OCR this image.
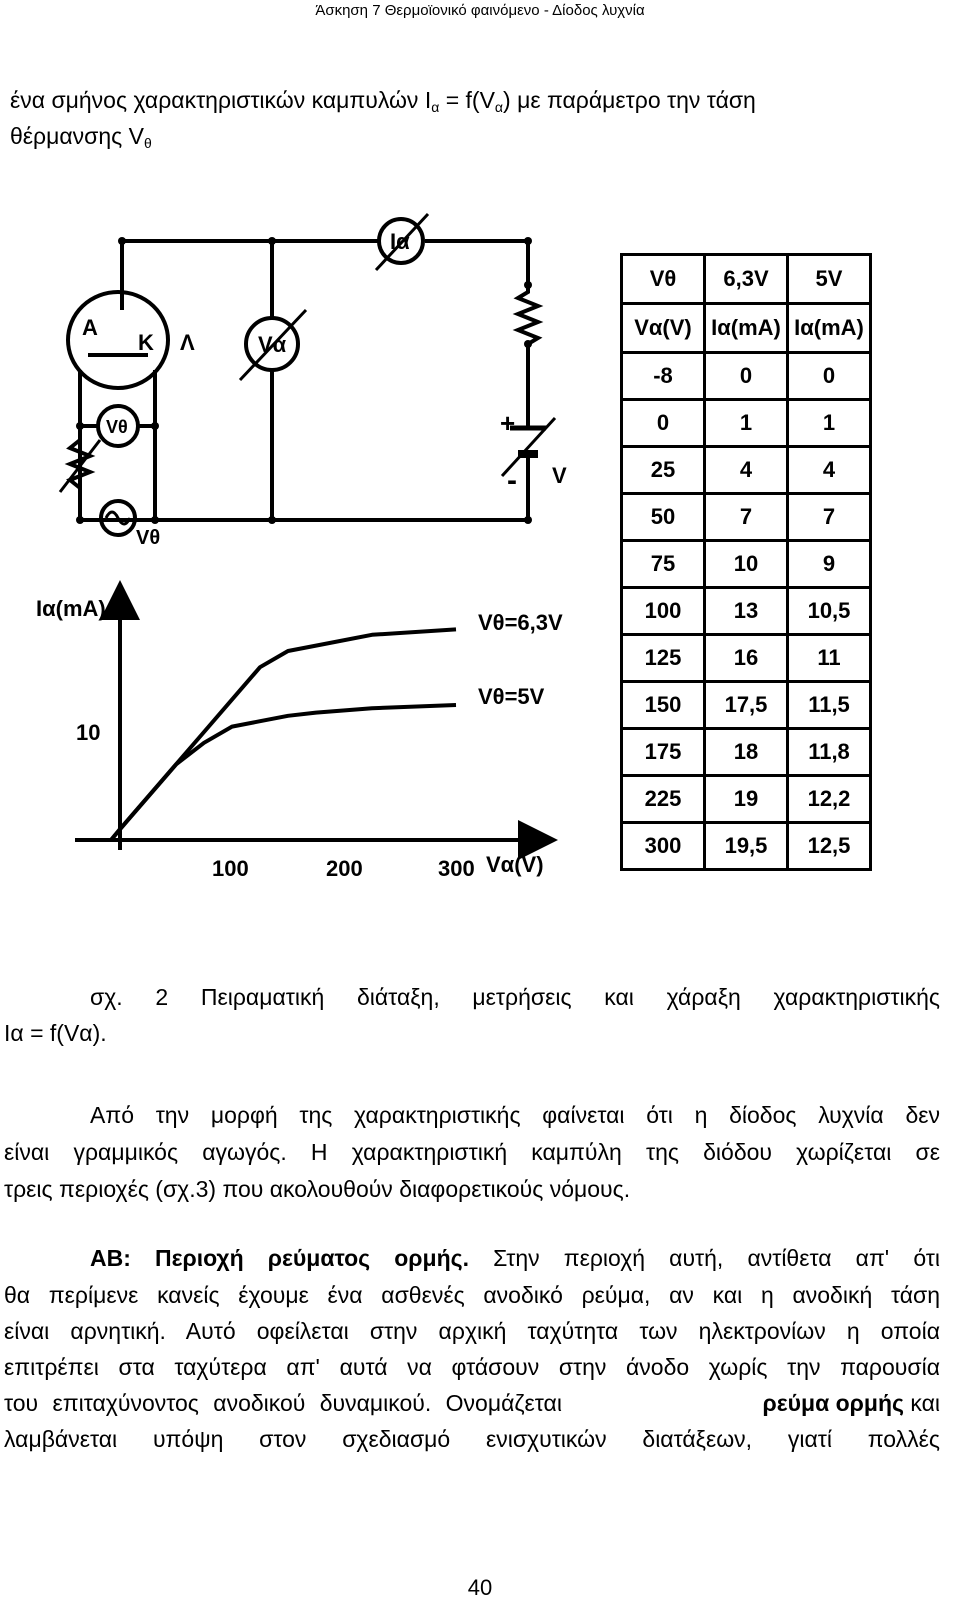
Άσκηση 7 Θερμοϊονικό φαινόμενο - Δίοδος λυχνία
ένα σμήνος χαρακτηριστικών καμπυλών $I_\alpha = f(V_\alpha)$ με παράμετρο την τάση
θέρμανσης $V_\theta$
Ια
Vα
Vθ
Α
Κ Λ
Vθ
+
- V
Ια(mA)
Vα(V)
100	200	300
10
Vθ=6,3V
Vθ=5V
Vθ	6,3V	5V
Vα(V)	Ια(mA)	Ια(mA)
-8	0	0
0	1	1
25	4	4
50	7	7
75	10	9
100	13	10,5
125	16	11
150	17,5	11,5
175	18	11,8
225	19	12,2
300	19,5	12,5
σχ. 2 Πειραματική διάταξη, μετρήσεις και χάραξη χαρακτηριστικής
Ια = f(Vα).
Από την μορφή της χαρακτηριστικής φαίνεται ότι η δίοδος λυχνία δεν
είναι γραμμικός αγωγός. Η χαρακτηριστική καμπύλη της διόδου χωρίζεται σε
τρεις περιοχές (σχ.3) που ακολουθούν διαφορετικούς νόμους.
ΑΒ: Περιοχή ρεύματος ορμής. Στην περιοχή αυτή, αντίθετα απ' ότι
θα περίμενε κανείς έχουμε ένα ασθενές ανοδικό ρεύμα, αν και η ανοδική τάση
είναι αρνητική. Αυτό οφείλεται στην αρχική ταχύτητα των ηλεκτρονίων η οποία
επιτρέπει στα ταχύτερα απ' αυτά να φτάσουν στην άνοδο χωρίς την παρουσία
του επιταχύνοντος ανοδικού δυναμικού. Ονομάζεται	ρεύμα ορμής και
λαμβάνεται υπόψη στον σχεδιασμό ενισχυτικών διατάξεων, γιατί πολλές
40
